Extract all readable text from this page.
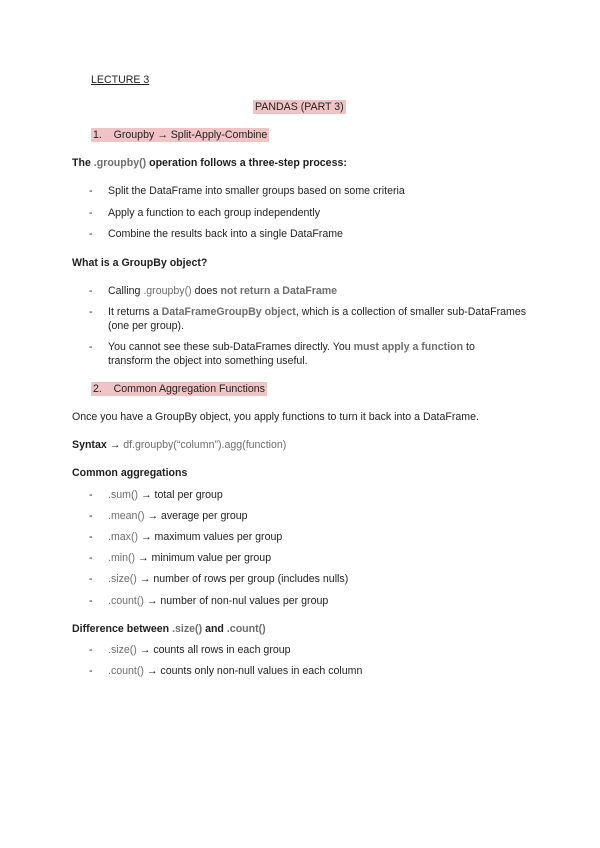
LECTURE 3
PANDAS (PART 3)
1. Groupby → Split-Apply-Combine
The .groupby() operation follows a three-step process:
- Split the DataFrame into smaller groups based on some criteria
- Apply a function to each group independently
- Combine the results back into a single DataFrame
What is a GroupBy object?
- Calling .groupby() does not return a DataFrame
- It returns a DataFrameGroupBy object, which is a collection of smaller sub-DataFrames
(one per group).
- You cannot see these sub-DataFrames directly. You must apply a function to
transform the object into something useful.
2. Common Aggregation Functions
Once you have a GroupBy object, you apply functions to turn it back into a DataFrame.
Syntax → df.groupby(“column”).agg(function)
Common aggregations
- .sum() → total per group
- .mean() → average per group
- .max() → maximum values per group
- .min() → minimum value per group
- .size() → number of rows per group (includes nulls)
- .count() → number of non-nul values per group
Difference between .size() and .count()
- .size() → counts all rows in each group
- .count() → counts only non-null values in each column
